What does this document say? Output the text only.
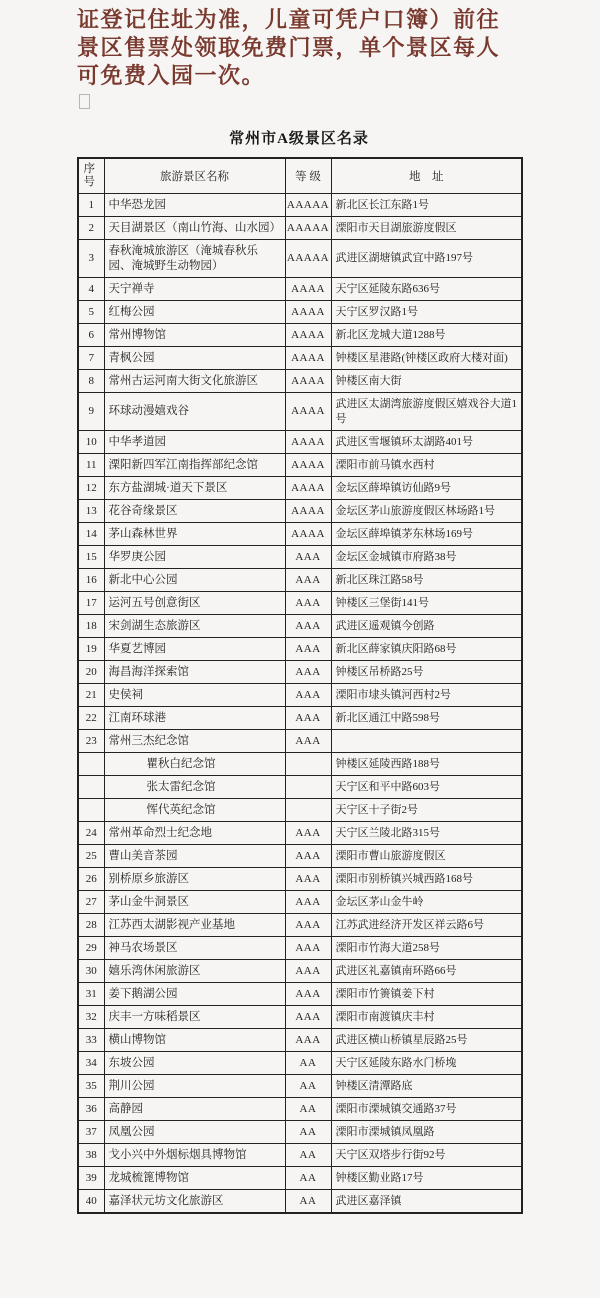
证登记住址为准，儿童可凭户口簿）前往
景区售票处领取免费门票，单个景区每人
可免费入园一次。
常州市A级景区名录
序号	旅游景区名称	等 级	地　址
1	中华恐龙园	AAAAA	新北区长江东路1号
2	天目湖景区（南山竹海、山水园）	AAAAA	溧阳市天目湖旅游度假区
3	春秋淹城旅游区（淹城春秋乐园、淹城野生动物园）	AAAAA	武进区湖塘镇武宜中路197号
4	天宁禅寺	AAAA	天宁区延陵东路636号
5	红梅公园	AAAA	天宁区罗汉路1号
6	常州博物馆	AAAA	新北区龙城大道1288号
7	青枫公园	AAAA	钟楼区星港路(钟楼区政府大楼对面)
8	常州古运河南大街文化旅游区	AAAA	钟楼区南大街
9	环球动漫嬉戏谷	AAAA	武进区太湖湾旅游度假区嬉戏谷大道1号
10	中华孝道园	AAAA	武进区雪堰镇环太湖路401号
11	溧阳新四军江南指挥部纪念馆	AAAA	溧阳市前马镇水西村
12	东方盐湖城·道天下景区	AAAA	金坛区薛埠镇访仙路9号
13	花谷奇缘景区	AAAA	金坛区茅山旅游度假区林场路1号
14	茅山森林世界	AAAA	金坛区薛埠镇茅东林场169号
15	华罗庚公园	AAA	金坛区金城镇市府路38号
16	新北中心公园	AAA	新北区珠江路58号
17	运河五号创意街区	AAA	钟楼区三堡街141号
18	宋剑湖生态旅游区	AAA	武进区遥观镇今创路
19	华夏艺博园	AAA	新北区薛家镇庆阳路68号
20	海昌海洋探索馆	AAA	钟楼区吊桥路25号
21	史侯祠	AAA	溧阳市埭头镇河西村2号
22	江南环球港	AAA	新北区通江中路598号
23	常州三杰纪念馆	AAA	
	瞿秋白纪念馆		钟楼区延陵西路188号
	张太雷纪念馆		天宁区和平中路603号
	恽代英纪念馆		天宁区十子街2号
24	常州革命烈士纪念地	AAA	天宁区兰陵北路315号
25	曹山美音茶园	AAA	溧阳市曹山旅游度假区
26	别桥原乡旅游区	AAA	溧阳市别桥镇兴城西路168号
27	茅山金牛洞景区	AAA	金坛区茅山金牛岭
28	江苏西太湖影视产业基地	AAA	江苏武进经济开发区祥云路6号
29	神马农场景区	AAA	溧阳市竹海大道258号
30	嬉乐湾休闲旅游区	AAA	武进区礼嘉镇南环路66号
31	姜下鹅湖公园	AAA	溧阳市竹箦镇姜下村
32	庆丰一方味稻景区	AAA	溧阳市南渡镇庆丰村
33	横山博物馆	AAA	武进区横山桥镇星辰路25号
34	东坡公园	AA	天宁区延陵东路水门桥堍
35	荆川公园	AA	钟楼区清潭路底
36	高静园	AA	溧阳市溧城镇交通路37号
37	凤凰公园	AA	溧阳市溧城镇凤凰路
38	戈小兴中外烟标烟具博物馆	AA	天宁区双塔步行街92号
39	龙城梳篦博物馆	AA	钟楼区勤业路17号
40	嘉泽状元坊文化旅游区	AA	武进区嘉泽镇
